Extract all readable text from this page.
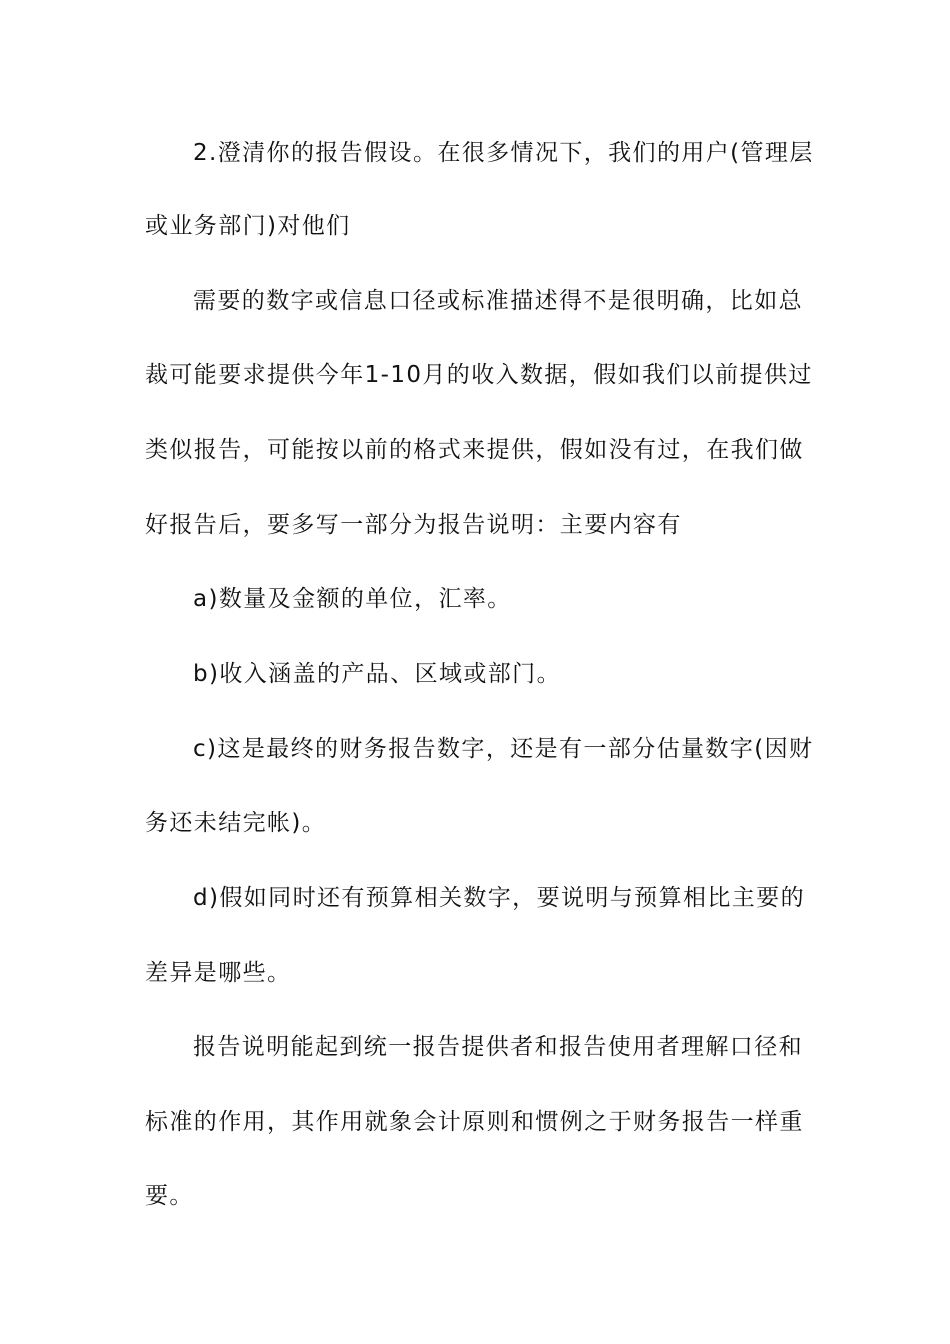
2.澄清你的报告假设。在很多情况下，我们的用户(管理层
或业务部门)对他们
需要的数字或信息口径或标准描述得不是很明确，比如总
裁可能要求提供今年1-10月的收入数据，假如我们以前提供过
类似报告，可能按以前的格式来提供，假如没有过，在我们做
好报告后，要多写一部分为报告说明：主要内容有
a)数量及金额的单位，汇率。
b)收入涵盖的产品、区域或部门。
c)这是最终的财务报告数字，还是有一部分估量数字(因财
务还未结完帐)。
d)假如同时还有预算相关数字，要说明与预算相比主要的
差异是哪些。
报告说明能起到统一报告提供者和报告使用者理解口径和
标准的作用，其作用就象会计原则和惯例之于财务报告一样重
要。
